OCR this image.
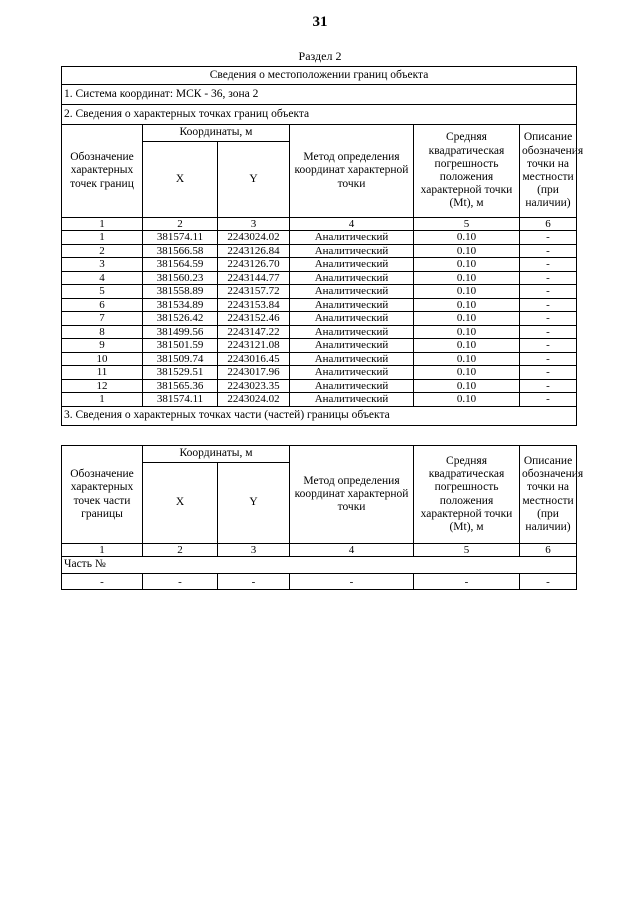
31
Раздел 2
Сведения о местоположении границ объекта					
1. Система координат: МСК - 36, зона 2					
2. Сведения о характерных точках границ объекта					
Обозначение характерных точек границ	Координаты, м		Метод определения координат характерной точки	Средняя квадратическая погрешность положения характерной точки (Mt), м	Описание обозначения точки на местности (при наличии)
	X	Y			
1	2	3	4	5	6
1	381574.11	2243024.02	Аналитический	0.10	-
2	381566.58	2243126.84	Аналитический	0.10	-
3	381564.59	2243126.70	Аналитический	0.10	-
4	381560.23	2243144.77	Аналитический	0.10	-
5	381558.89	2243157.72	Аналитический	0.10	-
6	381534.89	2243153.84	Аналитический	0.10	-
7	381526.42	2243152.46	Аналитический	0.10	-
8	381499.56	2243147.22	Аналитический	0.10	-
9	381501.59	2243121.08	Аналитический	0.10	-
10	381509.74	2243016.45	Аналитический	0.10	-
11	381529.51	2243017.96	Аналитический	0.10	-
12	381565.36	2243023.35	Аналитический	0.10	-
1	381574.11	2243024.02	Аналитический	0.10	-
3. Сведения о характерных точках части (частей) границы объекта					
Обозначение характерных точек части границы	Координаты, м		Метод определения координат характерной точки	Средняя квадратическая погрешность положения характерной точки (Mt), м	Описание обозначения точки на местности (при наличии)
	X	Y			
1	2	3	4	5	6
Часть №					
-	-	-	-	-	-
